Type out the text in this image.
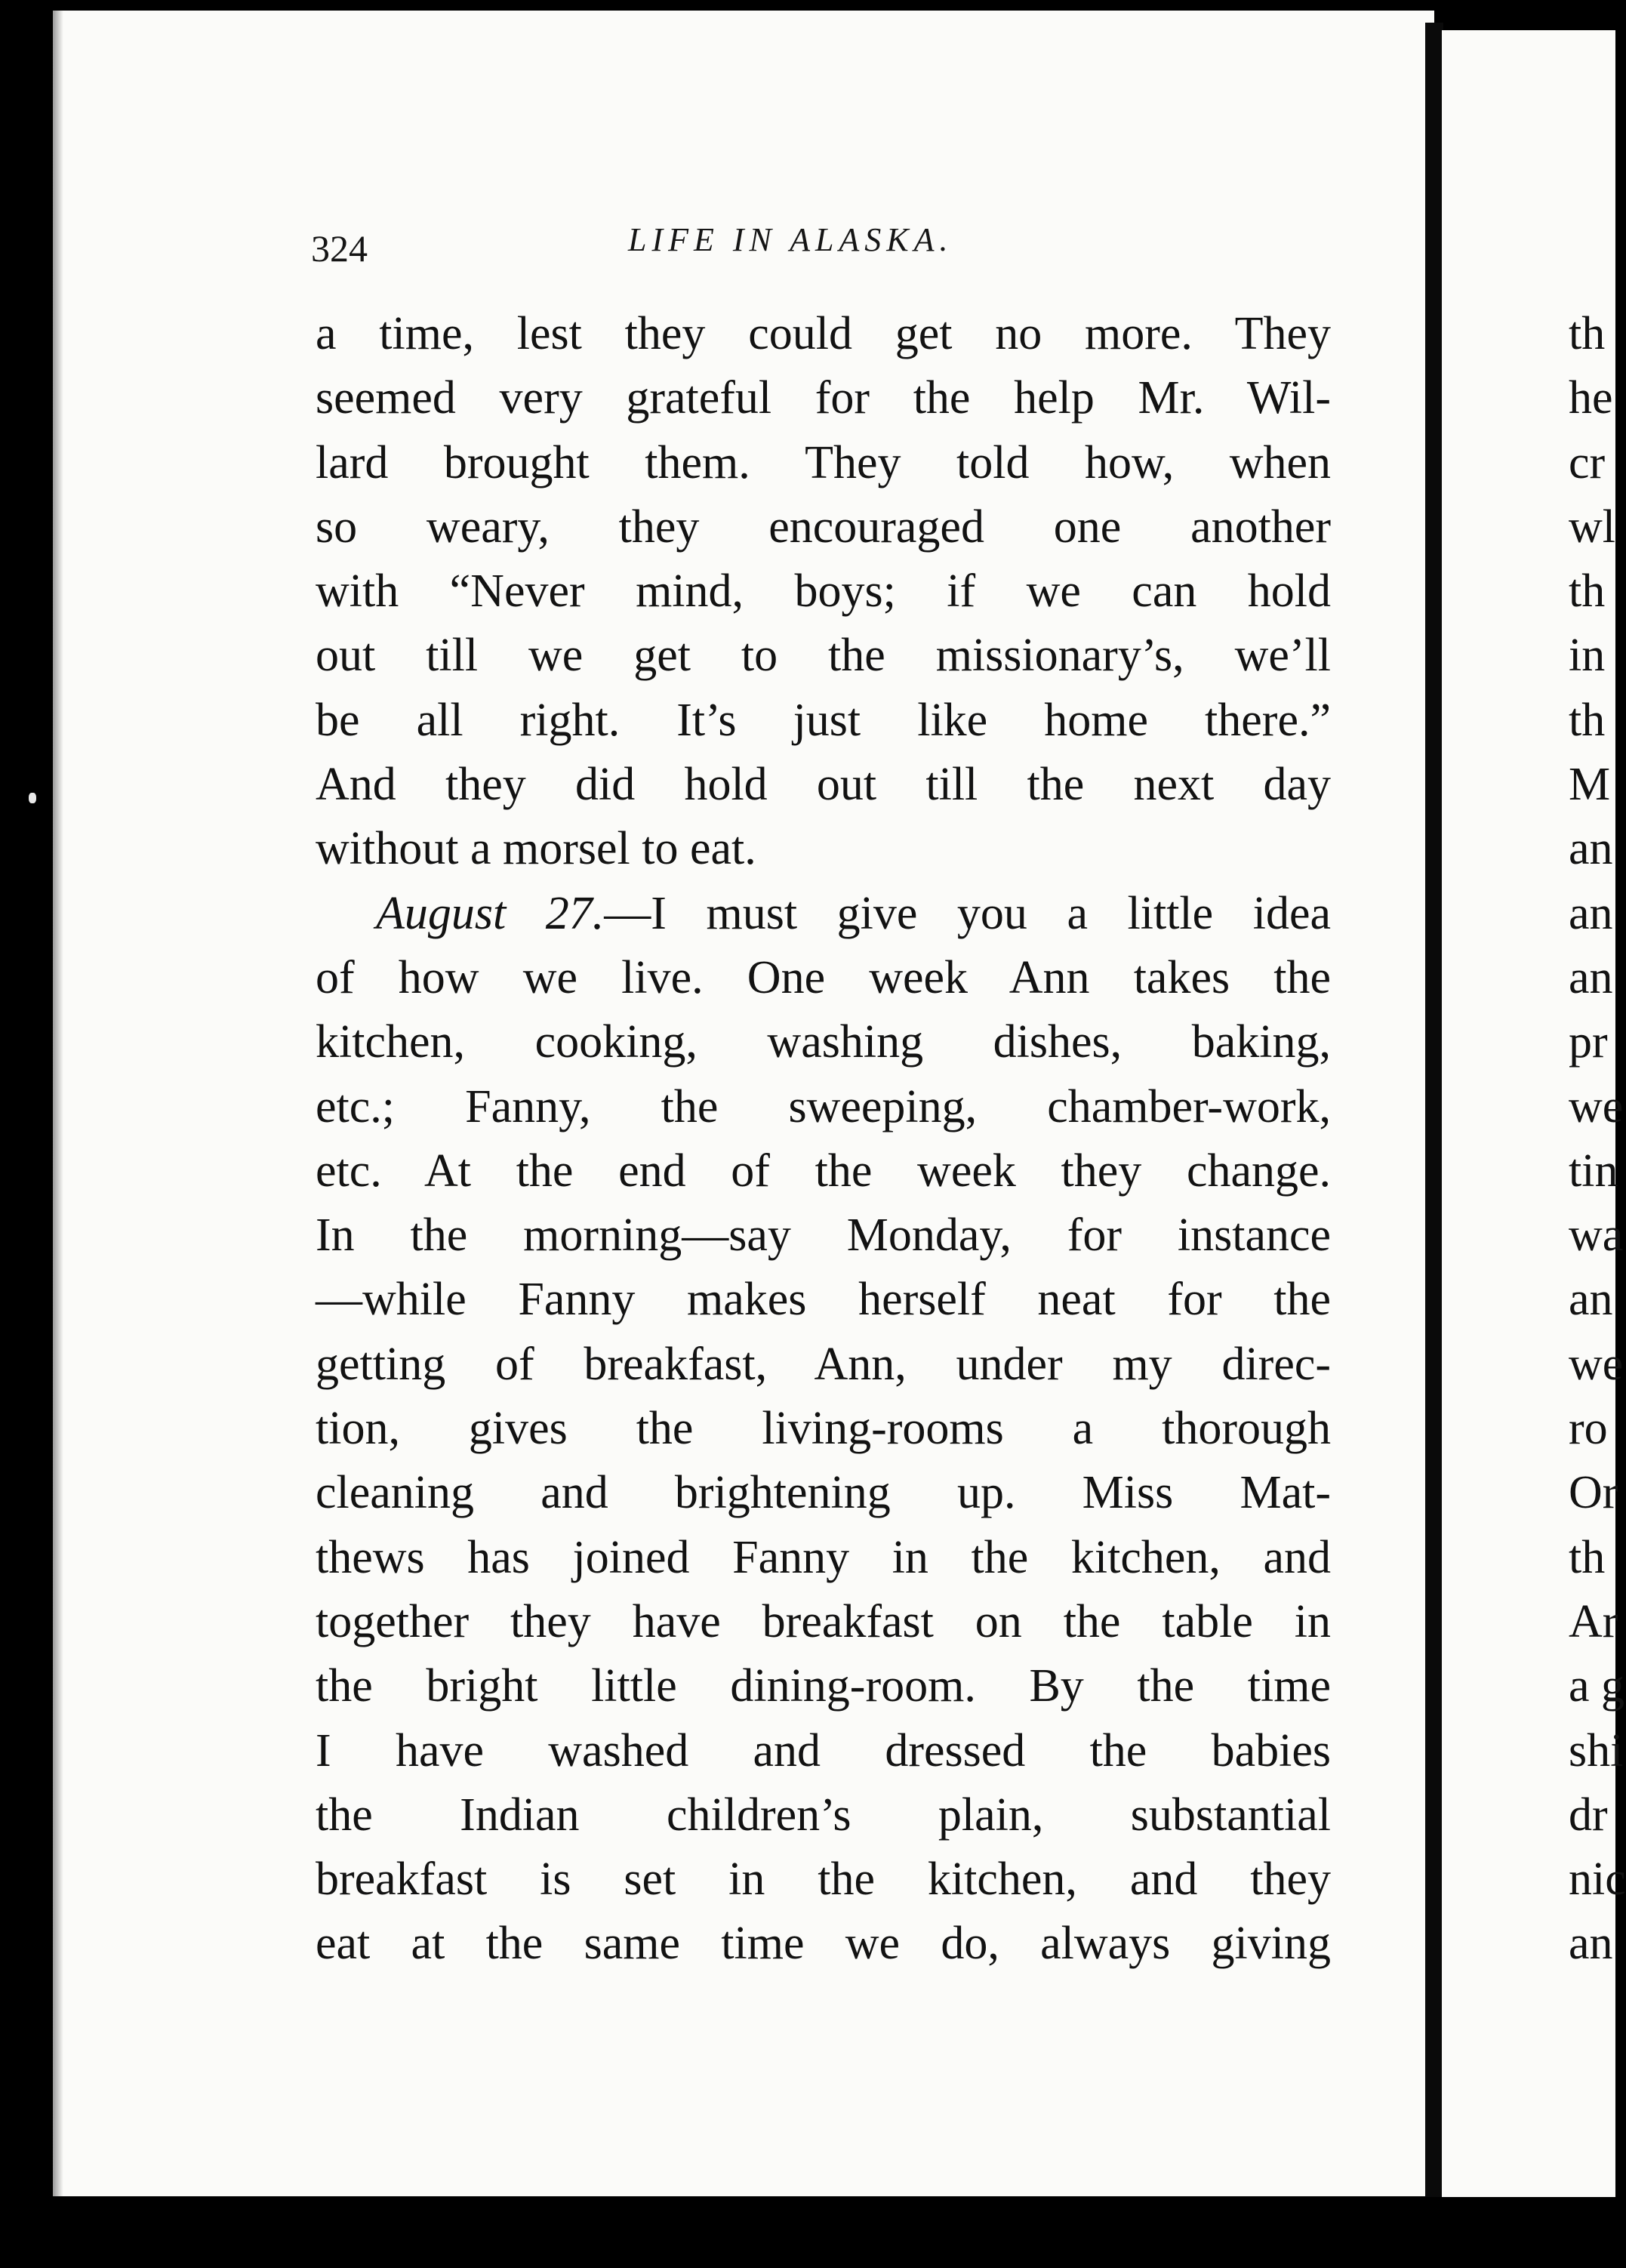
324	LIFE IN ALASKA.
a time, lest they could get no more. They
seemed very grateful for the help Mr. Wil-
lard brought them. They told how, when
so weary, they encouraged one another
with “Never mind, boys; if we can hold
out till we get to the missionary’s, we’ll
be all right. It’s just like home there.”
And they did hold out till the next day
without a morsel to eat.
August 27.—I must give you a little idea
of how we live. One week Ann takes the
kitchen, cooking, washing dishes, baking,
etc.; Fanny, the sweeping, chamber-work,
etc. At the end of the week they change.
In the morning—say Monday, for instance
—while Fanny makes herself neat for the
getting of breakfast, Ann, under my direc-
tion, gives the living-rooms a thorough
cleaning and brightening up. Miss Mat-
thews has joined Fanny in the kitchen, and
together they have breakfast on the table in
the bright little dining-room. By the time
I have washed and dressed the babies
the Indian children’s plain, substantial
breakfast is set in the kitchen, and they
eat at the same time we do, always giving
th
he
cr
wl
th
in
th
M
an
an
an
pr
we
tin
wa
an
we
ro
Or
th
Ar
a g
shi
dr
nic
an
